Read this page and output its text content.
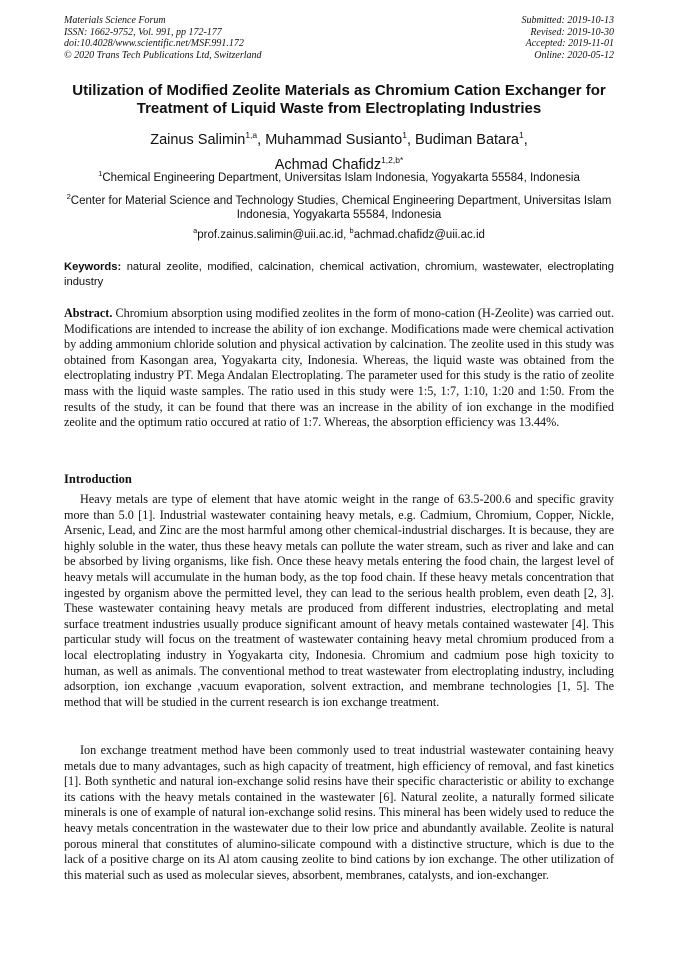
Materials Science Forum
ISSN: 1662-9752, Vol. 991, pp 172-177
doi:10.4028/www.scientific.net/MSF.991.172
© 2020 Trans Tech Publications Ltd, Switzerland
Submitted: 2019-10-13
Revised: 2019-10-30
Accepted: 2019-11-01
Online: 2020-05-12
Utilization of Modified Zeolite Materials as Chromium Cation Exchanger for Treatment of Liquid Waste from Electroplating Industries
Zainus Salimin$^{1,a}$, Muhammad Susianto$^1$, Budiman Batara$^1$,
Achmad Chafidz$^{1,2,b*}$
$^1$Chemical Engineering Department, Universitas Islam Indonesia, Yogyakarta 55584, Indonesia
$^2$Center for Material Science and Technology Studies, Chemical Engineering Department, Universitas Islam Indonesia, Yogyakarta 55584, Indonesia
$^a$prof.zainus.salimin@uii.ac.id, $^b$achmad.chafidz@uii.ac.id

Keywords: natural zeolite, modified, calcination, chemical activation, chromium, wastewater, electroplating industry

Abstract. Chromium absorption using modified zeolites in the form of mono-cation (H-Zeolite) was carried out. Modifications are intended to increase the ability of ion exchange. Modifications made were chemical activation by adding ammonium chloride solution and physical activation by calcination. The zeolite used in this study was obtained from Kasongan area, Yogyakarta city, Indonesia. Whereas, the liquid waste was obtained from the electroplating industry PT. Mega Andalan Electroplating. The parameter used for this study is the ratio of zeolite mass with the liquid waste samples. The ratio used in this study were 1:5, 1:7, 1:10, 1:20 and 1:50. From the results of the study, it can be found that there was an increase in the ability of ion exchange in the modified zeolite and the optimum ratio occured at ratio of 1:7. Whereas, the absorption efficiency was 13.44%.

Introduction

Heavy metals are type of element that have atomic weight in the range of 63.5-200.6 and specific gravity more than 5.0 [1]. Industrial wastewater containing heavy metals, e.g. Cadmium, Chromium, Copper, Nickle, Arsenic, Lead, and Zinc are the most harmful among other chemical-industrial discharges. It is because, they are highly soluble in the water, thus these heavy metals can pollute the water stream, such as river and lake and can be absorbed by living organisms, like fish. Once these heavy metals entering the food chain, the largest level of heavy metals will accumulate in the human body, as the top food chain. If these heavy metals concentration that ingested by organism above the permitted level, they can lead to the serious health problem, even death [2, 3]. These wastewater containing heavy metals are produced from different industries, electroplating and metal surface treatment industries usually produce significant amount of heavy metals contained wastewater [4]. This particular study will focus on the treatment of wastewater containing heavy metal chromium produced from a local electroplating industry in Yogyakarta city, Indonesia. Chromium and cadmium pose high toxicity to human, as well as animals. The conventional method to treat wastewater from electroplating industry, including adsorption, ion exchange ,vacuum evaporation, solvent extraction, and membrane technologies [1, 5]. The method that will be studied in the current research is ion exchange treatment.

Ion exchange treatment method have been commonly used to treat industrial wastewater containing heavy metals due to many advantages, such as high capacity of treatment, high efficiency of removal, and fast kinetics [1]. Both synthetic and natural ion-exchange solid resins have their specific characteristic or ability to exchange its cations with the heavy metals contained in the wastewater [6]. Natural zeolite, a naturally formed silicate minerals is one of example of natural ion-exchange solid resins. This mineral has been widely used to reduce the heavy metals concentration in the wastewater due to their low price and abundantly available. Zeolite is natural porous mineral that constitutes of alumino-silicate compound with a distinctive structure, which is due to the lack of a positive charge on its Al atom causing zeolite to bind cations by ion exchange. The other utilization of this material such as used as molecular sieves, absorbent, membranes, catalysts, and ion-exchanger.
